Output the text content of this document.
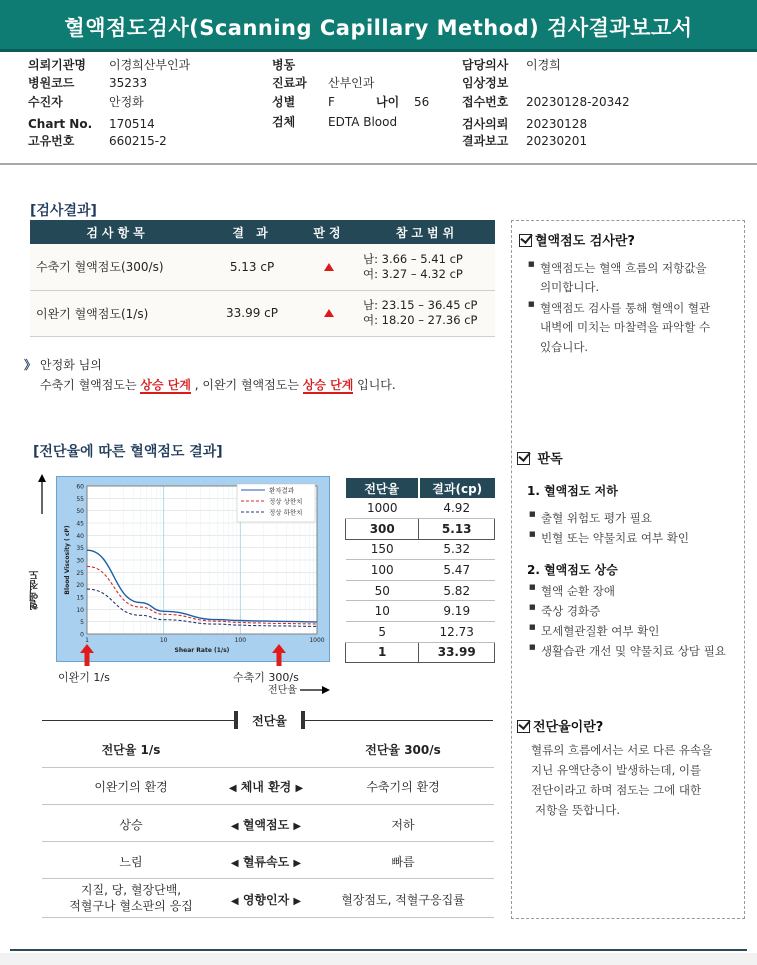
혈액점도검사(Scanning Capillary Method) 검사결과보고서
의뢰기관명 이경희산부인과
병원코드	35233
수진자	안정화
Chart No. 170514
고유번호	660215-2
병동
진료과 산부인과
성별	F	나이 56
검체	EDTA Blood
담당의사 이경희
임상정보
접수번호 20230128-20342
검사의뢰 20230128
결과보고 20230201
[검사결과]
검사항목	결 과	판정	참고범위
수축기 혈액점도(300/s)	5.13 cP		남: 3.66 – 5.41 cP
여: 3.27 – 4.32 cP

이완기 혈액점도(1/s)	33.99 cP		남: 23.15 – 36.45 cP
여: 18.20 – 27.36 cP
》 안정화 님의
수축기 혈액점도는 상승 단계 , 이완기 혈액점도는 상승 단계 입니다.
[전단율에 따른 혈액점도 결과]
혈액점도
0
5
10
15
20
25
30
35
40
45
50
55
60
1	10	100	1000
Shear Rate (1/s)
Blood Viscosity ( cP)
환자결과
정상 상한치
정상 하한치
이완기 1/s	수축기 300/s
전단율
전단율	결과(cp)
1000	4.92
300	5.13
150	5.32
100	5.47
50	5.82
10	9.19
5	12.73
1	33.99
전단율
전단율 1/s	전단율 300/s
이완기의 환경	◀ 체내 환경 ▶	수축기의 환경
상승	◀ 혈액점도 ▶	저하
느림	◀ 혈류속도 ▶	빠름
지질, 당, 혈장단백,
적혈구나 혈소판의 응집	◀ 영향인자 ▶	혈장점도, 적혈구응집률
혈액점도 검사란?
■ 혈액점도는 혈액 흐름의 저항값을
의미합니다.
■ 혈액점도 검사를 통해 혈액이 혈관
내벽에 미치는 마찰력을 파악할 수
있습니다.
판독
1. 혈액점도 저하
■ 출혈 위험도 평가 필요
■ 빈혈 또는 약물치료 여부 확인
2. 혈액점도 상승
■ 혈액 순환 장애
■ 죽상 경화증
■ 모세혈관질환 여부 확인
■ 생활습관 개선 및 약물치료 상담 필요
전단율이란?
혈류의 흐름에서는 서로 다른 유속을
지닌 유액단층이 발생하는데, 이를
전단이라고 하며 점도는 그에 대한
저항을 뜻합니다.
